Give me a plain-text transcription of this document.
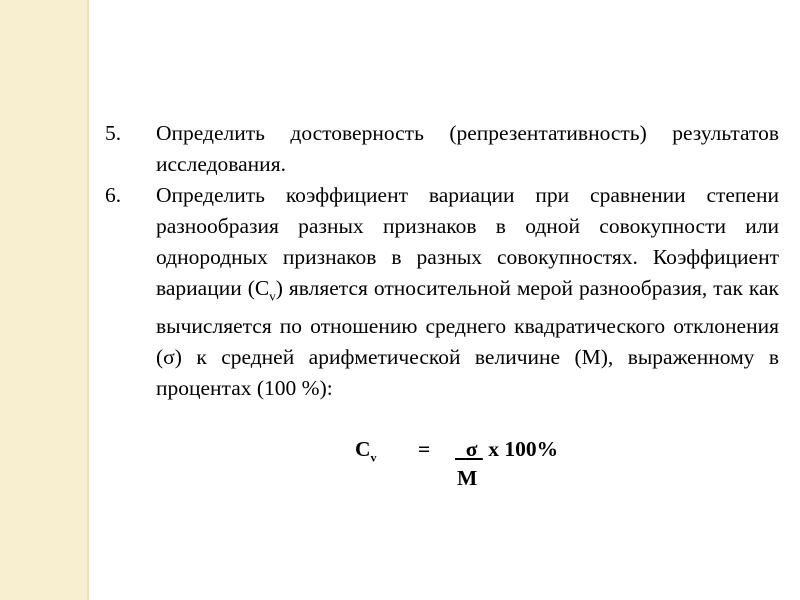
5. Определить достоверность (репрезентативность) результатов исследования.
6. Определить коэффициент вариации при сравнении степени разнообразия разных признаков в одной совокупности или однородных признаков в разных совокупностях. Коэффициент вариации $(C_v)$ является относительной мерой разнообразия, так как вычисляется по отношению среднего квадратического отклонения (σ) к средней арифметической величине (М), выраженному в процентах (100 %):
$C_v$ =	σ  x 100%
M
